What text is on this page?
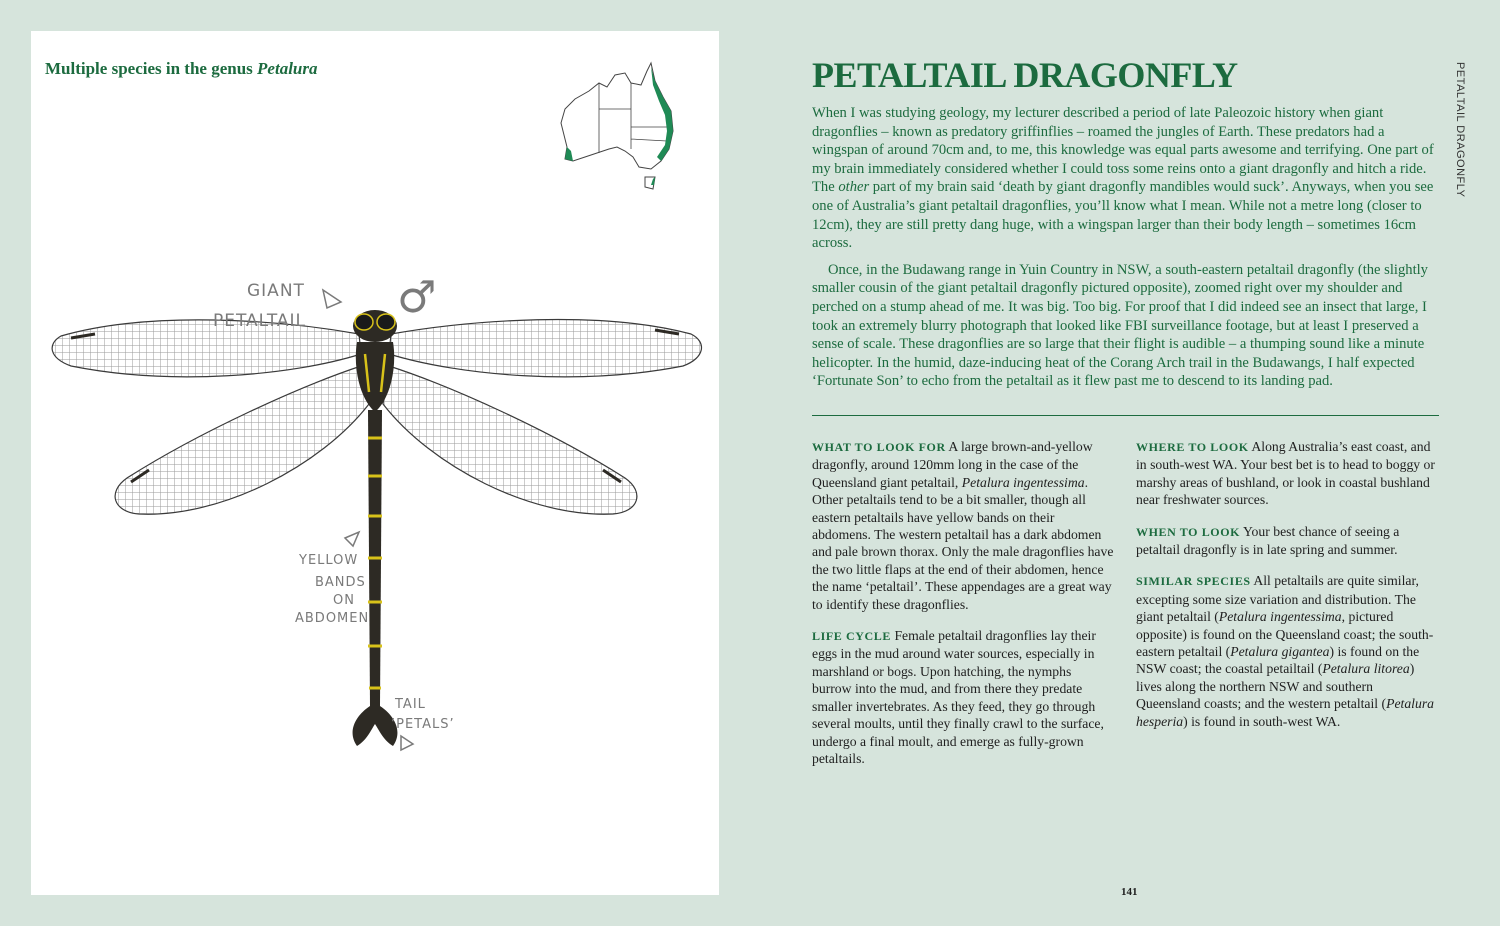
Multiple species in the genus Petalura
GIANT
PETALTAIL ♂
YELLOW
BANDS
ON
ABDOMEN
TAIL
‘PETALS’
PETALTAIL DRAGONFLY
PETALTAIL DRAGONFLY

When I was studying geology, my lecturer described a period of late Paleozoic history when giant dragonflies – known as predatory griffinflies – roamed the jungles of Earth. These predators had a wingspan of around 70cm and, to me, this knowledge was equal parts awesome and terrifying. One part of my brain immediately considered whether I could toss some reins onto a giant dragonfly and hitch a ride. The other part of my brain said ‘death by giant dragonfly mandibles would suck’. Anyways, when you see one of Australia’s giant petaltail dragonflies, you’ll know what I mean. While not a metre long (closer to 12cm), they are still pretty dang huge, with a wingspan larger than their body length – sometimes 16cm across.

Once, in the Budawang range in Yuin Country in NSW, a south-eastern petaltail dragonfly (the slightly smaller cousin of the giant petaltail dragonfly pictured opposite), zoomed right over my shoulder and perched on a stump ahead of me. It was big. Too big. For proof that I did indeed see an insect that large, I took an extremely blurry photograph that looked like FBI surveillance footage, but at least I preserved a sense of scale. These dragonflies are so large that their flight is audible – a thumping sound like a minute helicopter. In the humid, daze-inducing heat of the Corang Arch trail in the Budawangs, I half expected ‘Fortunate Son’ to echo from the petaltail as it flew past me to descend to its landing pad.

WHAT TO LOOK FOR A large brown-and-yellow dragonfly, around 120mm long in the case of the Queensland giant petaltail, Petalura ingentessima. Other petaltails tend to be a bit smaller, though all eastern petaltails have yellow bands on their abdomens. The western petaltail has a dark abdomen and pale brown thorax. Only the male dragonflies have the two little flaps at the end of their abdomen, hence the name ‘petaltail’. These appendages are a great way to identify these dragonflies.

LIFE CYCLE Female petaltail dragonflies lay their eggs in the mud around water sources, especially in marshland or bogs. Upon hatching, the nymphs burrow into the mud, and from there they predate smaller invertebrates. As they feed, they go through several moults, until they finally crawl to the surface, undergo a final moult, and emerge as fully-grown petaltails.

WHERE TO LOOK Along Australia’s east coast, and in south-west WA. Your best bet is to head to boggy or marshy areas of bushland, or look in coastal bushland near freshwater sources.

WHEN TO LOOK Your best chance of seeing a petaltail dragonfly is in late spring and summer.

SIMILAR SPECIES All petaltails are quite similar, excepting some size variation and distribution. The giant petaltail (Petalura ingentessima, pictured opposite) is found on the Queensland coast; the south-eastern petaltail (Petalura gigantea) is found on the NSW coast; the coastal petailtail (Petalura litorea) lives along the northern NSW and southern Queensland coasts; and the western petaltail (Petalura hesperia) is found in south-west WA.

141
